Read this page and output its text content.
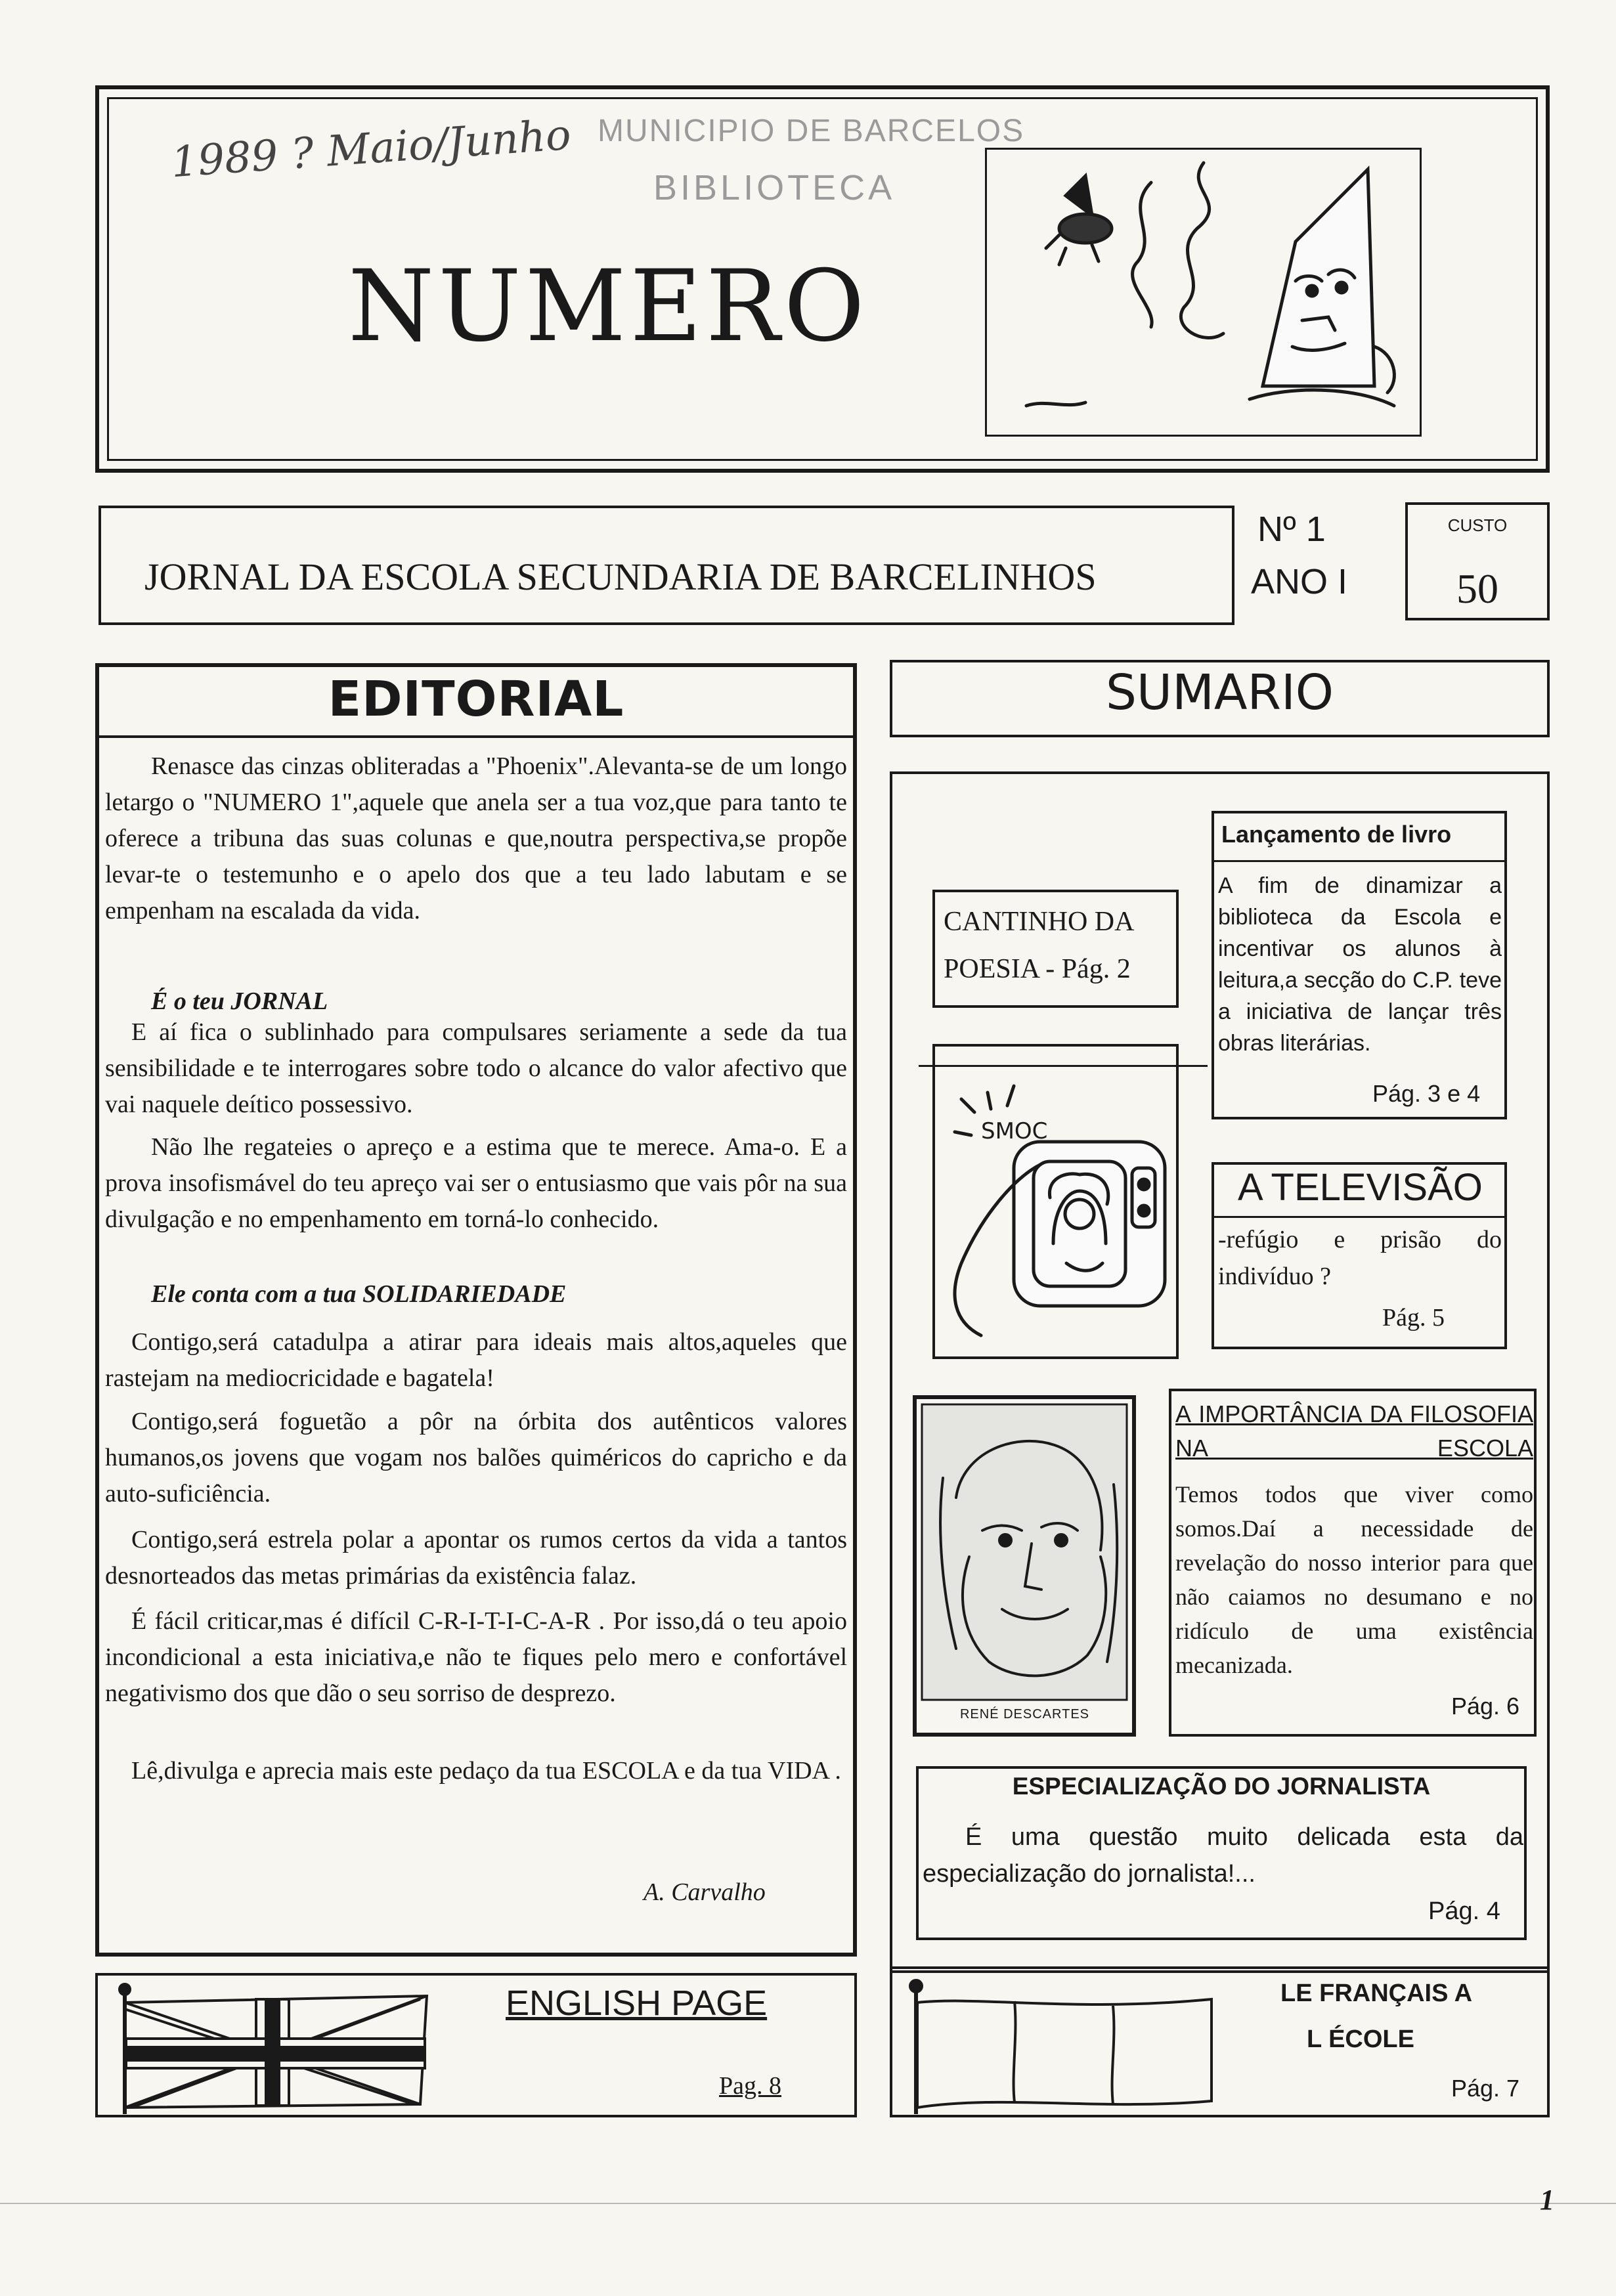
1989 ? Maio/Junho MUNICIPIO DE BARCELOS
BIBLIOTECA
NUMERO
JORNAL DA ESCOLA SECUNDARIA DE BARCELINHOS
Nº 1
ANO I
CUSTO
50
EDITORIAL

Renasce das cinzas obliteradas a "Phoenix".Alevanta-se de um longo letargo o "NUMERO 1",aquele que anela ser a tua voz,que para tanto te oferece a tribuna das suas colunas e que,noutra perspectiva,se propõe levar-te o testemunho e o apelo dos que a teu lado labutam e se empenham na escalada da vida.

É o teu JORNAL

E aí fica o sublinhado para compulsares seriamente a sede da tua sensibilidade e te interrogares sobre todo o alcance do valor afectivo que vai naquele deítico possessivo.

Não lhe regateies o apreço e a estima que te merece. Ama-o. E a prova insofismável do teu apreço vai ser o entusiasmo que vais pôr na sua divulgação e no empenhamento em torná-lo conhecido.

Ele conta com a tua SOLIDARIEDADE

Contigo,será catadulpa a atirar para ideais mais altos,aqueles que rastejam na mediocricidade e bagatela!

Contigo,será foguetão a pôr na órbita dos autênticos valores humanos,os jovens que vogam nos balões quiméricos do capricho e da auto-suficiência.

Contigo,será estrela polar a apontar os rumos certos da vida a tantos desnorteados das metas primárias da existência falaz.

É fácil criticar,mas é difícil C-R-I-T-I-C-A-R . Por isso,dá o teu apoio incondicional a esta iniciativa,e não te fiques pelo mero e confortável negativismo dos que dão o seu sorriso de desprezo.

Lê,divulga e aprecia mais este pedaço da tua ESCOLA e da tua VIDA .

A. Carvalho
SUMARIO
CANTINHO DA
POESIA - Pág. 2
Lançamento de livro
A fim de dinamizar a biblioteca da Escola e incentivar os alunos à leitura,a secção do C.P. teve a iniciativa de lançar três obras literárias.
Pág. 3 e 4
SMOC
A TELEVISÃO
-refúgio e prisão do indivíduo ?
Pág. 5
RENÉ DESCARTES
A IMPORTÂNCIA DA FILOSOFIA NA ESCOLA
Temos todos que viver como somos.Daí a necessidade de revelação do nosso interior para que não caiamos no desumano e no ridículo de uma existência mecanizada.
Pág. 6
ESPECIALIZAÇÃO DO JORNALISTA
É uma questão muito delicada esta da especialização do jornalista!...
Pág. 4
ENGLISH PAGE
Pag. 8
LE FRANÇAIS A
L ÉCOLE
Pág. 7
1
